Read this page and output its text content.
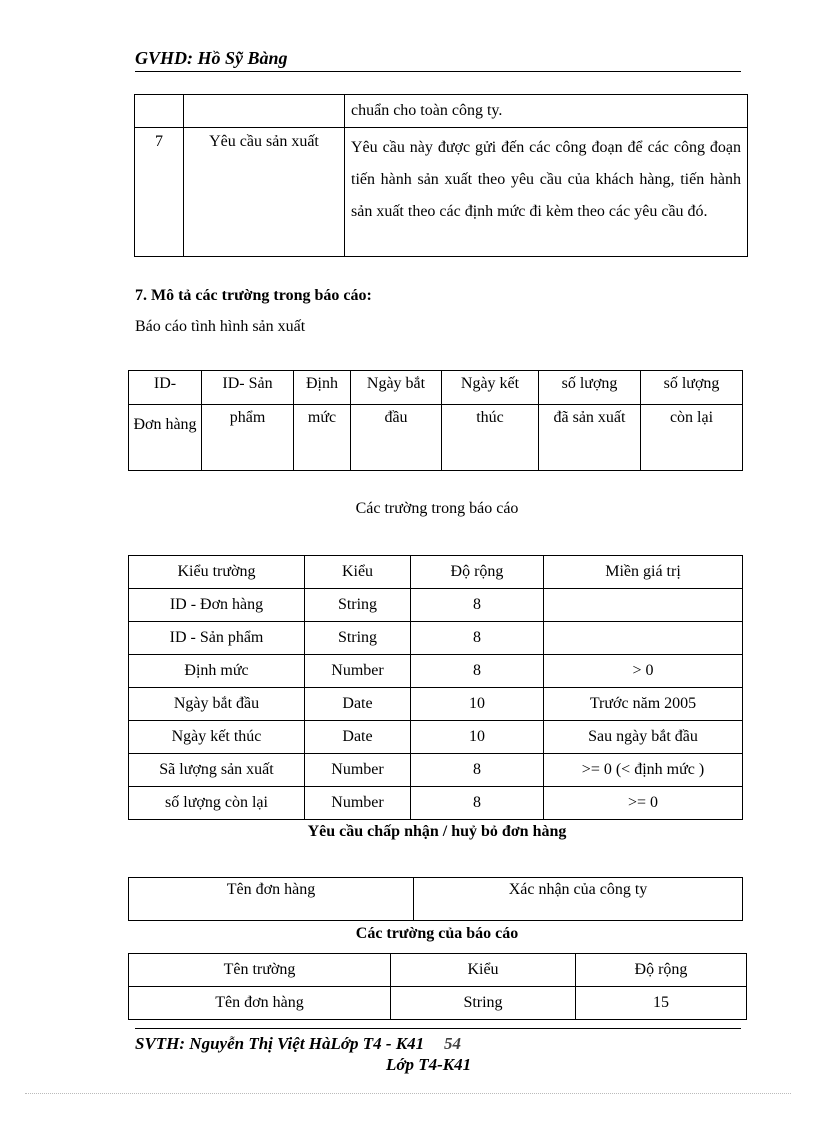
GVHD: Hồ Sỹ Bàng
		chuẩn cho toàn công ty.
7	Yêu cầu sản xuất	Yêu cầu này được gửi đến các công đoạn để các công đoạn tiến hành sản xuất theo yêu cầu của khách hàng, tiến hành sản xuất theo các định mức đi kèm theo các yêu cầu đó.
7. Mô tả các trường trong báo cáo:
Báo cáo tình hình sản xuất
ID-	ID- Sản	Định	Ngày bắt	Ngày kết	số lượng	số lượng
Đơn hàng	phẩm	mức	đầu	thúc	đã sản xuất	còn lại
Các trường trong báo cáo
Kiểu trường	Kiểu	Độ rộng	Miền giá trị
ID - Đơn hàng	String	8	
ID - Sản phẩm	String	8	
Định mức	Number	8	> 0
Ngày bắt đầu	Date	10	Trước năm 2005
Ngày kết thúc	Date	10	Sau ngày bắt đầu
Sã lượng sản xuất	Number	8	>= 0 (< định mức )
số lượng còn lại	Number	8	>= 0
Yêu cầu chấp nhận / huỷ bỏ đơn hàng
Tên đơn hàng	Xác nhận của công ty
Các trường của báo cáo
Tên trường	Kiểu	Độ rộng
Tên đơn hàng	String	15
SVTH: Nguyễn Thị Việt HàLớp T4 - K41 54
Lớp T4-K41
